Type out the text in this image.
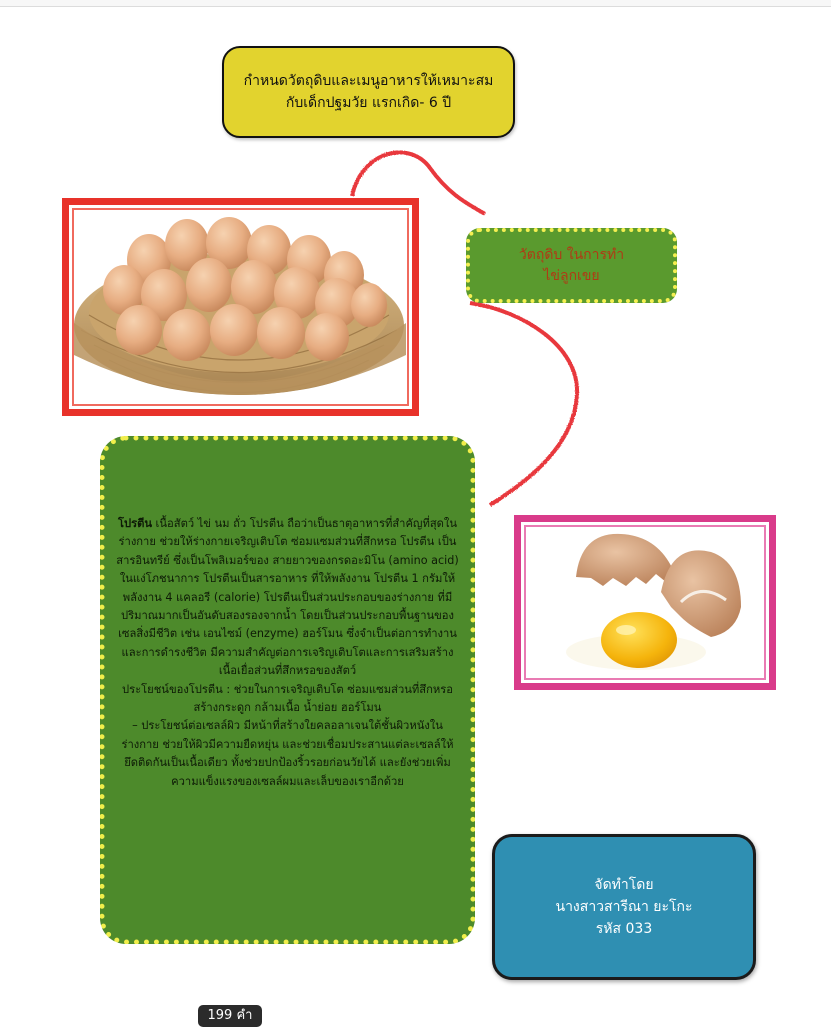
กำหนดวัตถุดิบและเมนูอาหารให้เหมาะสม
กับเด็กปฐมวัย แรกเกิด- 6 ปี
วัตถุดิบ ในการทำ
ไข่ลูกเขย

โปรตีน เนื้อสัตว์ ไข่ นม ถั่ว โปรตีน ถือว่าเป็นธาตุอาหารที่สำคัญที่สุดในร่างกาย ช่วยให้ร่างกายเจริญเติบโต ซ่อมแซมส่วนที่สึกหรอ โปรตีน เป็นสารอินทรีย์ ซึ่งเป็นโพลิเมอร์ของ สายยาวของกรดอะมิโน (amino acid) ในแง่โภชนาการ โปรตีนเป็นสารอาหาร ที่ให้พลังงาน โปรตีน 1 กรัมให้พลังงาน 4 แคลอรี (calorie) โปรตีนเป็นส่วนประกอบของร่างกาย ที่มีปริมาณมากเป็นอันดับสองรองจากน้ำ โดยเป็นส่วนประกอบพื้นฐานของเซลสิ่งมีชีวิต เช่น เอนไซม์ (enzyme) ฮอร์โมน ซึ่งจำเป็นต่อการทำงาน และการดำรงชีวิต มีความสำคัญต่อการเจริญเติบโตและการเสริมสร้างเนื้อเยื่อส่วนที่สึกหรอของสัตว์

ประโยชน์ของโปรตีน : ช่วยในการเจริญเติบโต ซ่อมแซมส่วนที่สึกหรอ สร้างกระดูก กล้ามเนื้อ น้ำย่อย ฮอร์โมน

– ประโยชน์ต่อเซลล์ผิว มีหน้าที่สร้างใยคลอลาเจนใต้ชั้นผิวหนังในร่างกาย ช่วยให้ผิวมีความยืดหยุ่น และช่วยเชื่อมประสานแต่ละเซลล์ให้ยึดติดกันเป็นเนื้อเดียว ทั้งช่วยปกป้องริ้วรอยก่อนวัยได้ และยังช่วยเพิ่มความแข็งแรงของเซลล์ผมและเล็บของเราอีกด้วย

จัดทำโดย
นางสาวสารีณา ยะโกะ
รหัส 033
199 คำ
